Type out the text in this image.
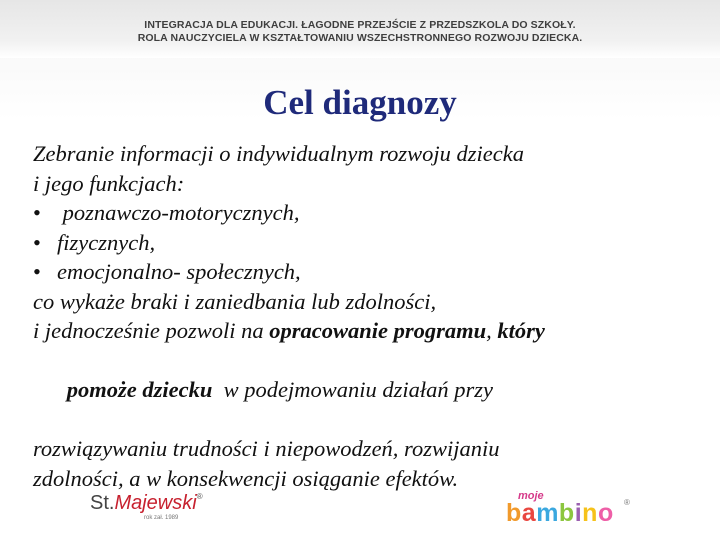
INTEGRACJA DLA EDUKACJI. ŁAGODNE PRZEJŚCIE Z PRZEDSZKOLA DO SZKOŁY.
ROLA NAUCZYCIELA W KSZTAŁTOWANIU WSZECHSTRONNEGO ROZWOJU DZIECKA.
Cel diagnozy
Zebranie informacji o indywidualnym rozwoju dziecka
i jego funkcjach:
• poznawczo-motorycznych,
• fizycznych,
• emocjonalno- społecznych,
co wykaże braki i zaniedbania lub zdolności,
i jednocześnie pozwoli na opracowanie programu, który

pomoże dziecku  w podejmowaniu działań przy

rozwiązywaniu trudności i niepowodzeń, rozwijaniu
zdolności, a w konsekwencji osiąganie efektów.
St.Majewski®
rok zał. 1989
moje
bambino ®
